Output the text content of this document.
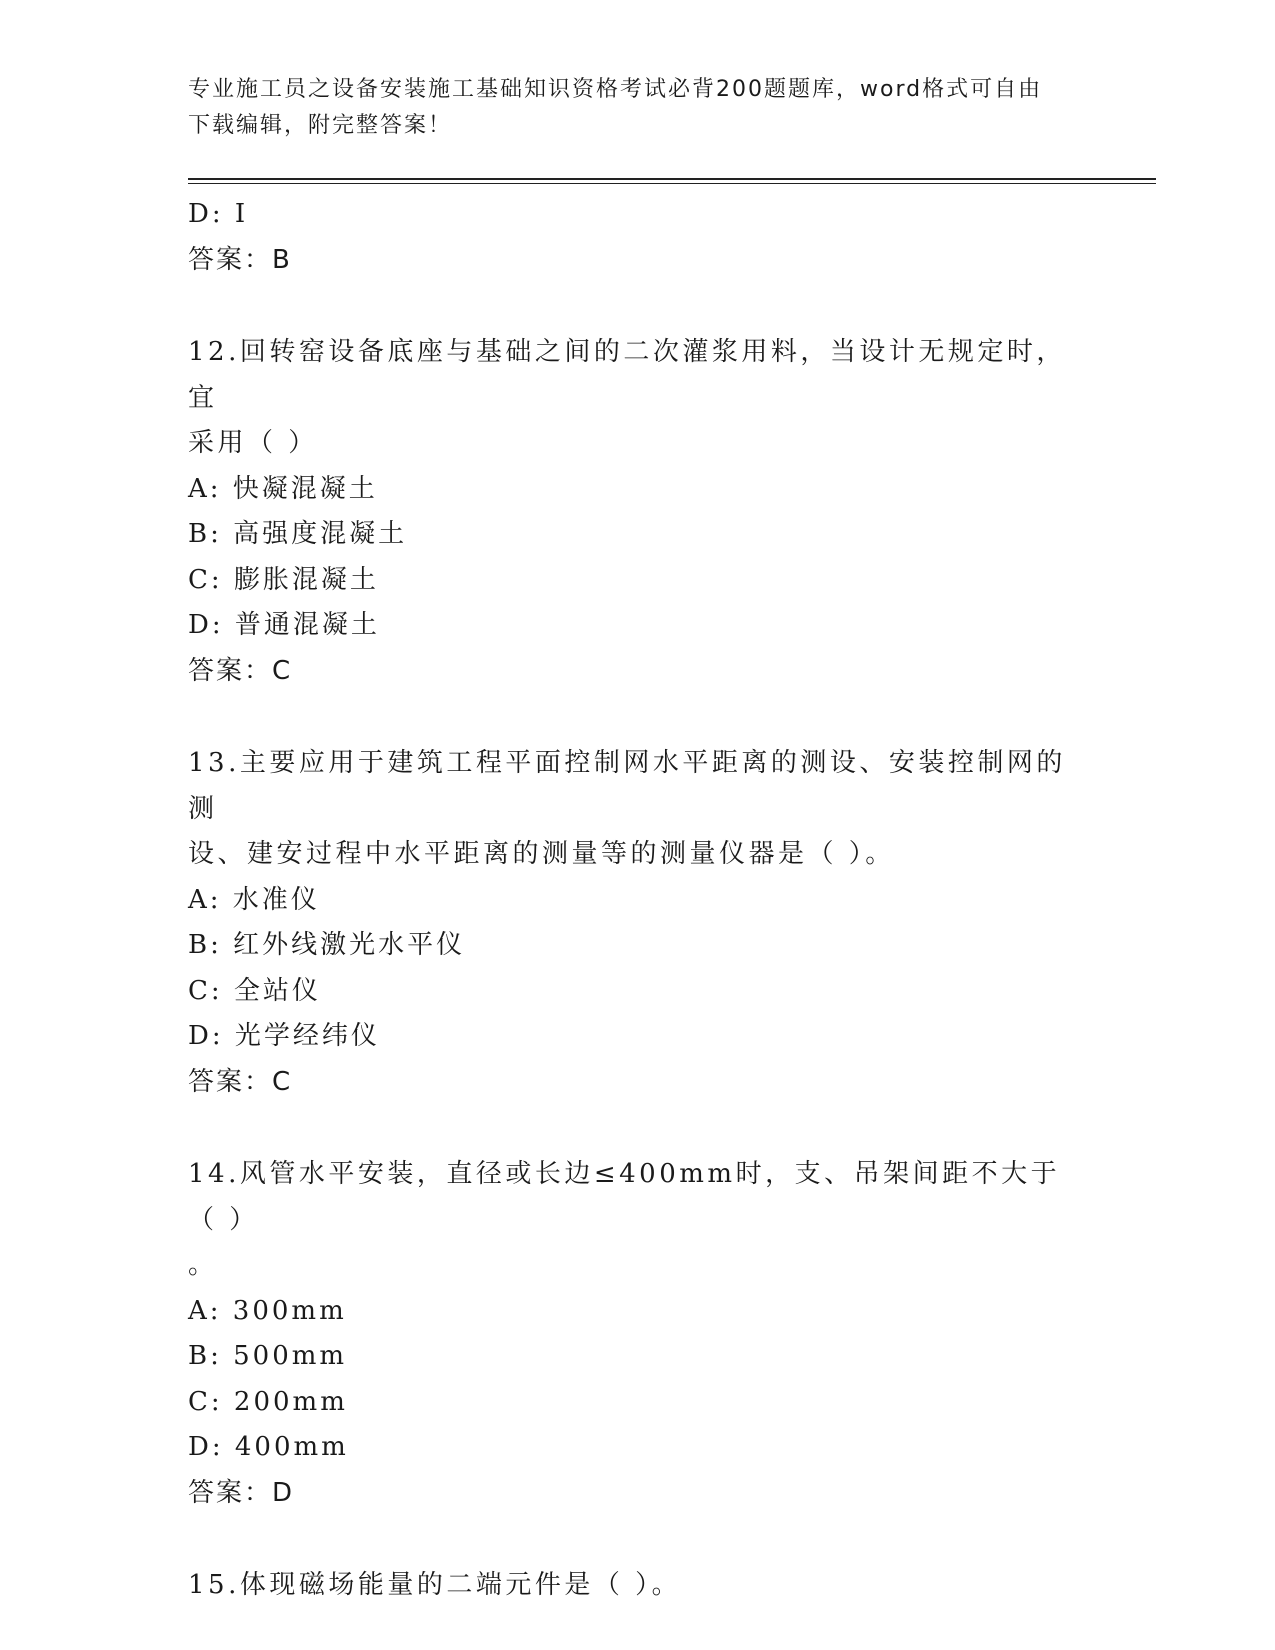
专业施工员之设备安装施工基础知识资格考试必背200题题库，word格式可自由
下载编辑，附完整答案！
D: I
答案：B
12.回转窑设备底座与基础之间的二次灌浆用料，当设计无规定时，宜
采用（ ）
A: 快凝混凝土
B: 高强度混凝土
C: 膨胀混凝土
D: 普通混凝土
答案：C
13.主要应用于建筑工程平面控制网水平距离的测设、安装控制网的测
设、建安过程中水平距离的测量等的测量仪器是（ ）。
A: 水准仪
B: 红外线激光水平仪
C: 全站仪
D: 光学经纬仪
答案：C
14.风管水平安装，直径或长边≤400mm时，支、吊架间距不大于（ ）
。
A: 300mm
B: 500mm
C: 200mm
D: 400mm
答案：D
15.体现磁场能量的二端元件是（ ）。
